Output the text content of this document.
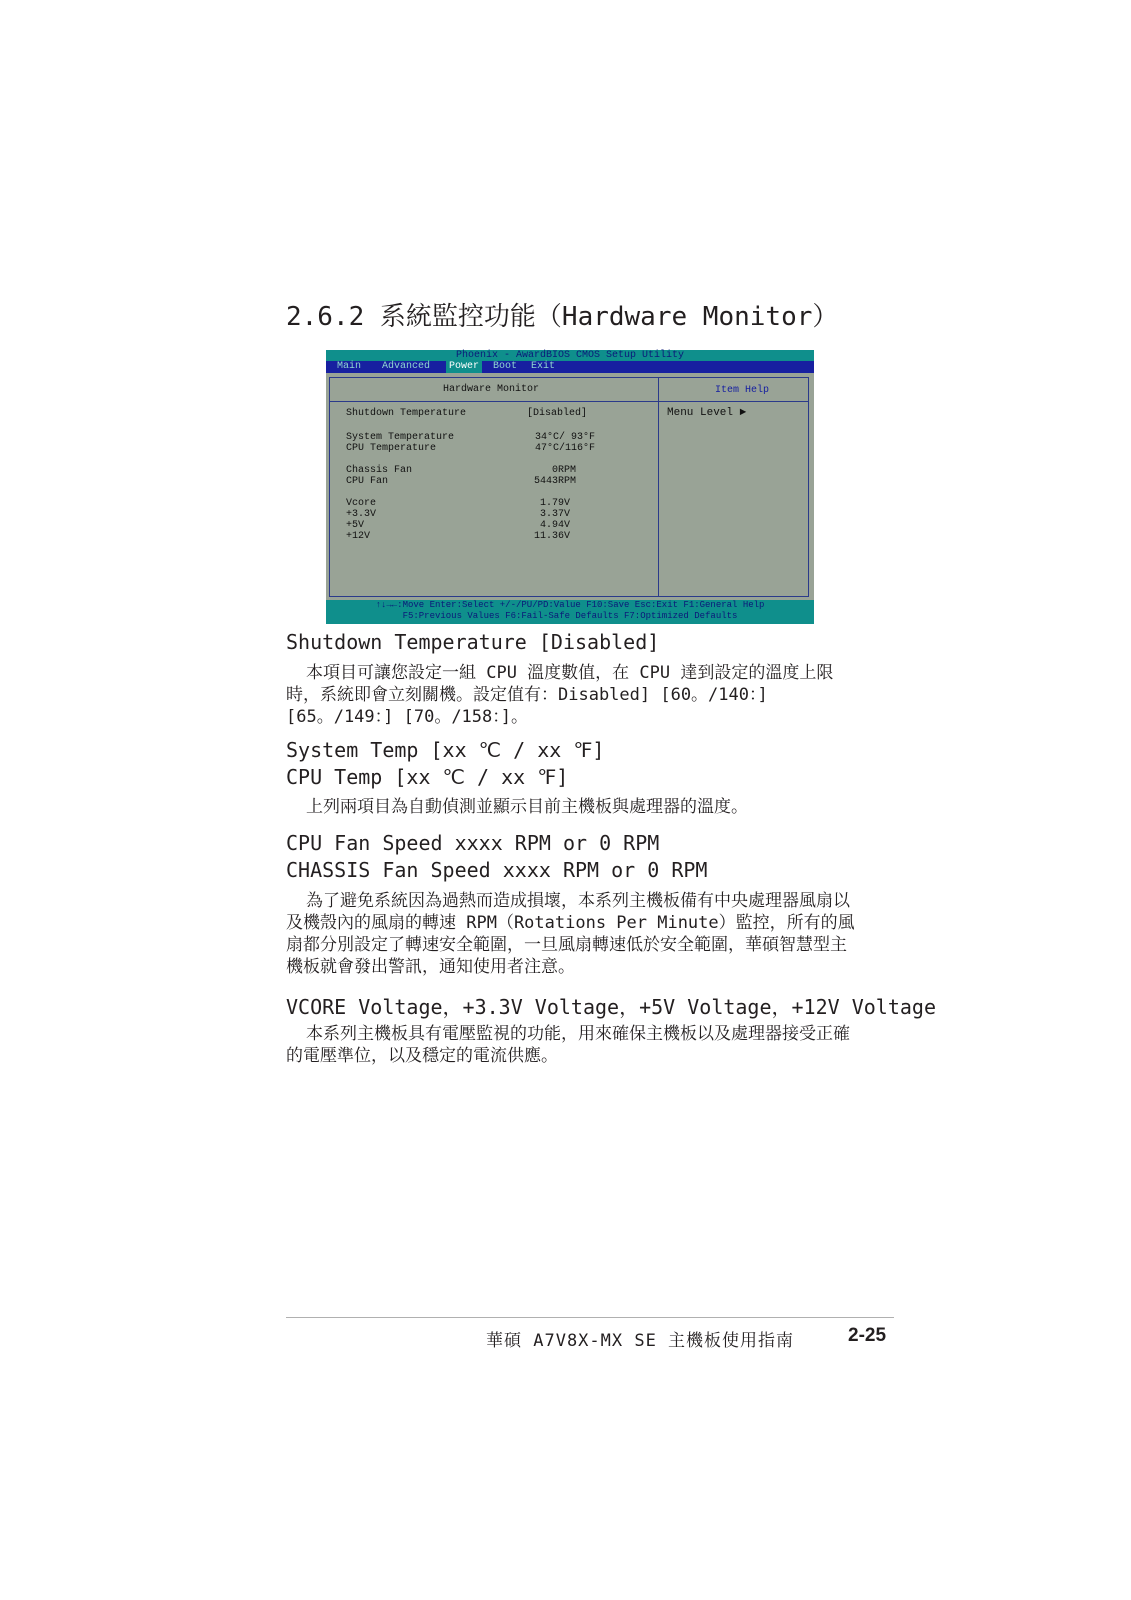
2.6.2 系統監控功能（Hardware Monitor）
Phoenix - AwardBIOS CMOS Setup Utility
Main Advanced	Power	Boot Exit
Hardware Monitor	Item Help
Menu Level ►
Shutdown Temperature	[Disabled]
System Temperature	34°C/ 93°F
CPU Temperature	47°C/116°F
Chassis Fan	0RPM
CPU Fan	5443RPM
Vcore	1.79V
+3.3V	3.37V
+5V	4.94V
+12V	11.36V
↑↓→←:Move Enter:Select +/-/PU/PD:Value F10:Save Esc:Exit F1:General Help
F5:Previous Values F6:Fail-Safe Defaults F7:Optimized Defaults
Shutdown Temperature [Disabled]
本項目可讓您設定一組 CPU 溫度數值，在 CPU 達到設定的溫度上限時，系統即會立刻關機。設定值有：Disabled] [60。/140：] [65。/149：] [70。/158：]。
System Temp [xx ℃ / xx ℉]
CPU Temp [xx ℃ / xx ℉]
上列兩項目為自動偵測並顯示目前主機板與處理器的溫度。
CPU Fan Speed xxxx RPM or 0 RPM
CHASSIS Fan Speed xxxx RPM or 0 RPM
為了避免系統因為過熱而造成損壞，本系列主機板備有中央處理器風扇以及機殼內的風扇的轉速 RPM（Rotations Per Minute）監控，所有的風扇都分別設定了轉速安全範圍，一旦風扇轉速低於安全範圍，華碩智慧型主機板就會發出警訊，通知使用者注意。
VCORE Voltage，+3.3V Voltage，+5V Voltage，+12V Voltage
本系列主機板具有電壓監視的功能，用來確保主機板以及處理器接受正確的電壓準位，以及穩定的電流供應。
華碩 A7V8X-MX SE 主機板使用指南	2-25
